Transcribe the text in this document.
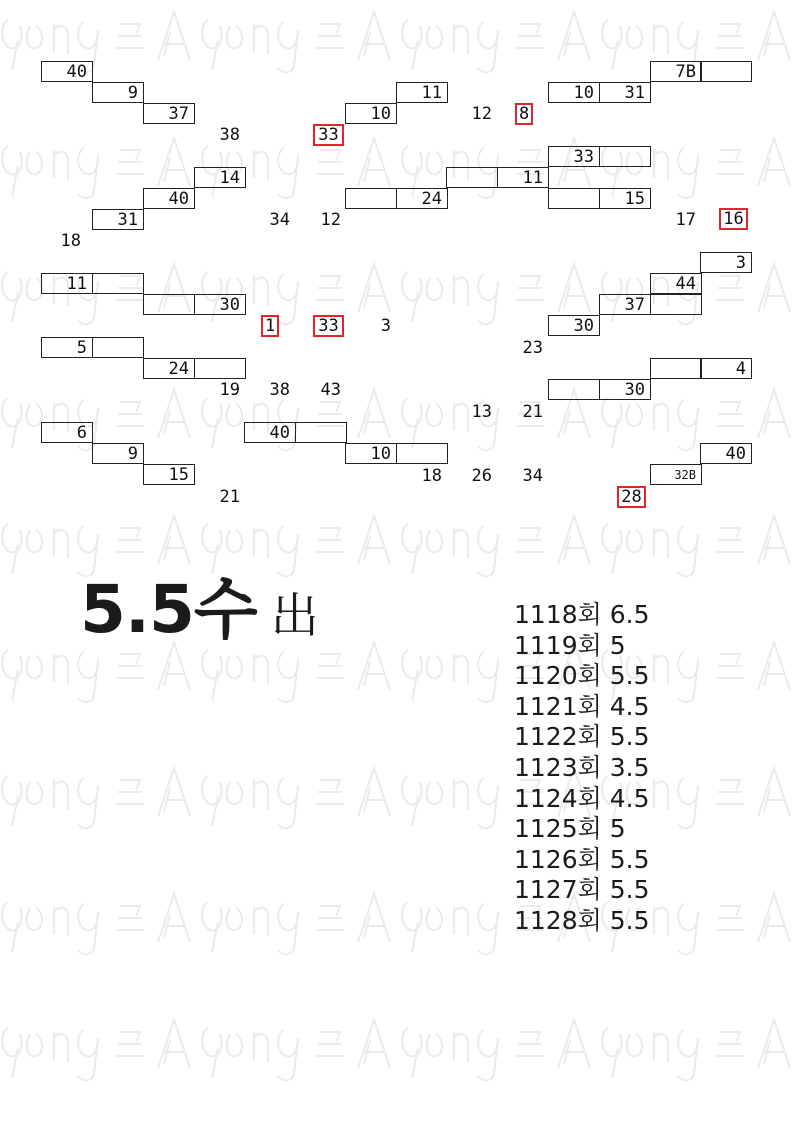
40
9
37
11
10
7B
10 31
14
40
31
33
11
24	15
11
30
5
24
3
44
37
30
4
30
6
9
15
40
10	40
32B
38
12
34	12	17
18
3
23
19	38	43
13	21
18	26	34
21
33
8
16
1	33
28
5.5수 出	1118회 6.5
1119회 5
1120회 5.5
1121회 4.5
1122회 5.5
1123회 3.5
1124회 4.5
1125회 5
1126회 5.5
1127회 5.5
1128회 5.5
